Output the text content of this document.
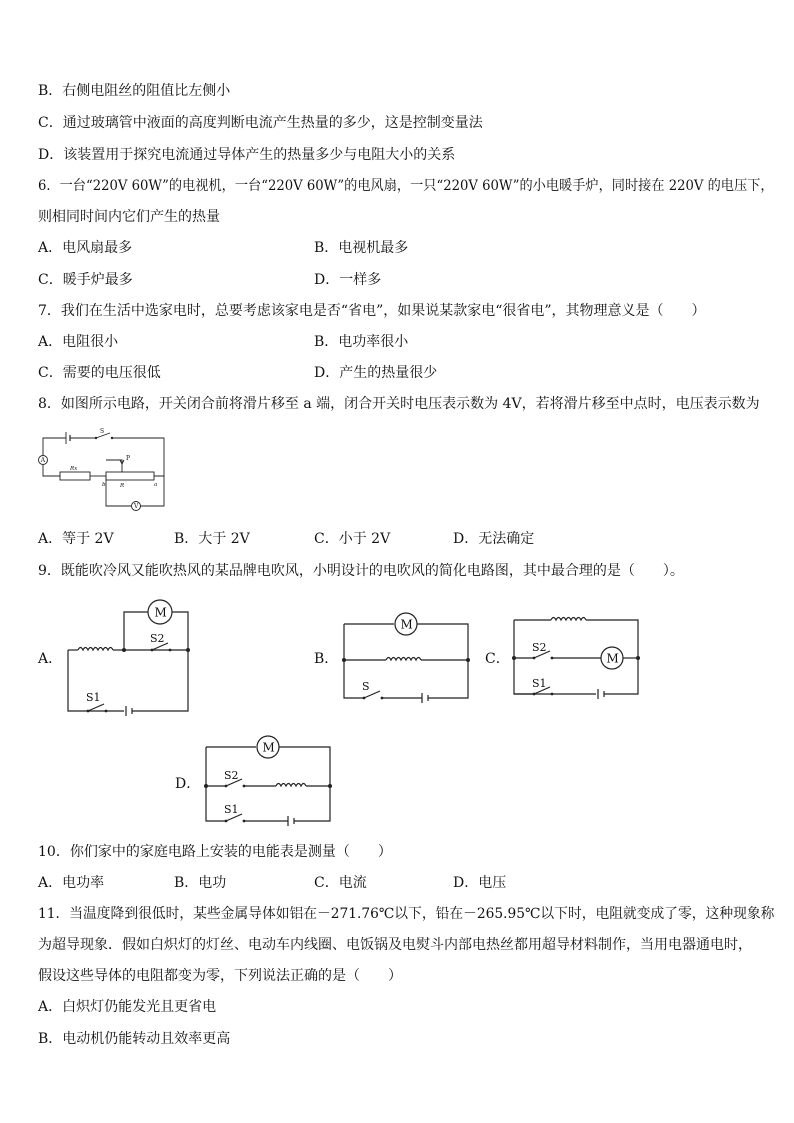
B．右侧电阻丝的阻值比左侧小
C．通过玻璃管中液面的高度判断电流产生热量的多少，这是控制变量法
D．该装置用于探究电流通过导体产生的热量多少与电阻大小的关系
6．一台“220V 60W”的电视机，一台“220V 60W”的电风扇，一只“220V 60W”的小电暖手炉，同时接在 220V 的电压下，
则相同时间内它们产生的热量
A．电风扇最多	B．电视机最多
C．暖手炉最多	D．一样多
7．我们在生活中选家电时，总要考虑该家电是否“省电”，如果说某款家电“很省电”，其物理意义是（　　）
A．电阻很小	B．电功率很小
C．需要的电压很低	D．产生的热量很少
8．如图所示电路，开关闭合前将滑片移至 a 端，闭合开关时电压表示数为 4V，若将滑片移至中点时，电压表示数为
S
A
Rx
P
b	R	a
V
A．等于 2V	B．大于 2V	C．小于 2V	D．无法确定
9．既能吹冷风又能吹热风的某品牌电吹风，小明设计的电吹风的简化电路图，其中最合理的是（　　）。
A．
M
S2
S1
B．
M
S
C．
S2
M
S1
D．
M
S2
S1
10．你们家中的家庭电路上安装的电能表是测量（　　）
A．电功率	B．电功	C．电流	D．电压
11．当温度降到很低时，某些金属导体如铝在－271.76℃以下，铅在－265.95℃以下时，电阻就变成了零，这种现象称
为超导现象．假如白炽灯的灯丝、电动车内线圈、电饭锅及电熨斗内部电热丝都用超导材料制作，当用电器通电时，
假设这些导体的电阻都变为零，下列说法正确的是（　　）
A．白炽灯仍能发光且更省电
B．电动机仍能转动且效率更高
